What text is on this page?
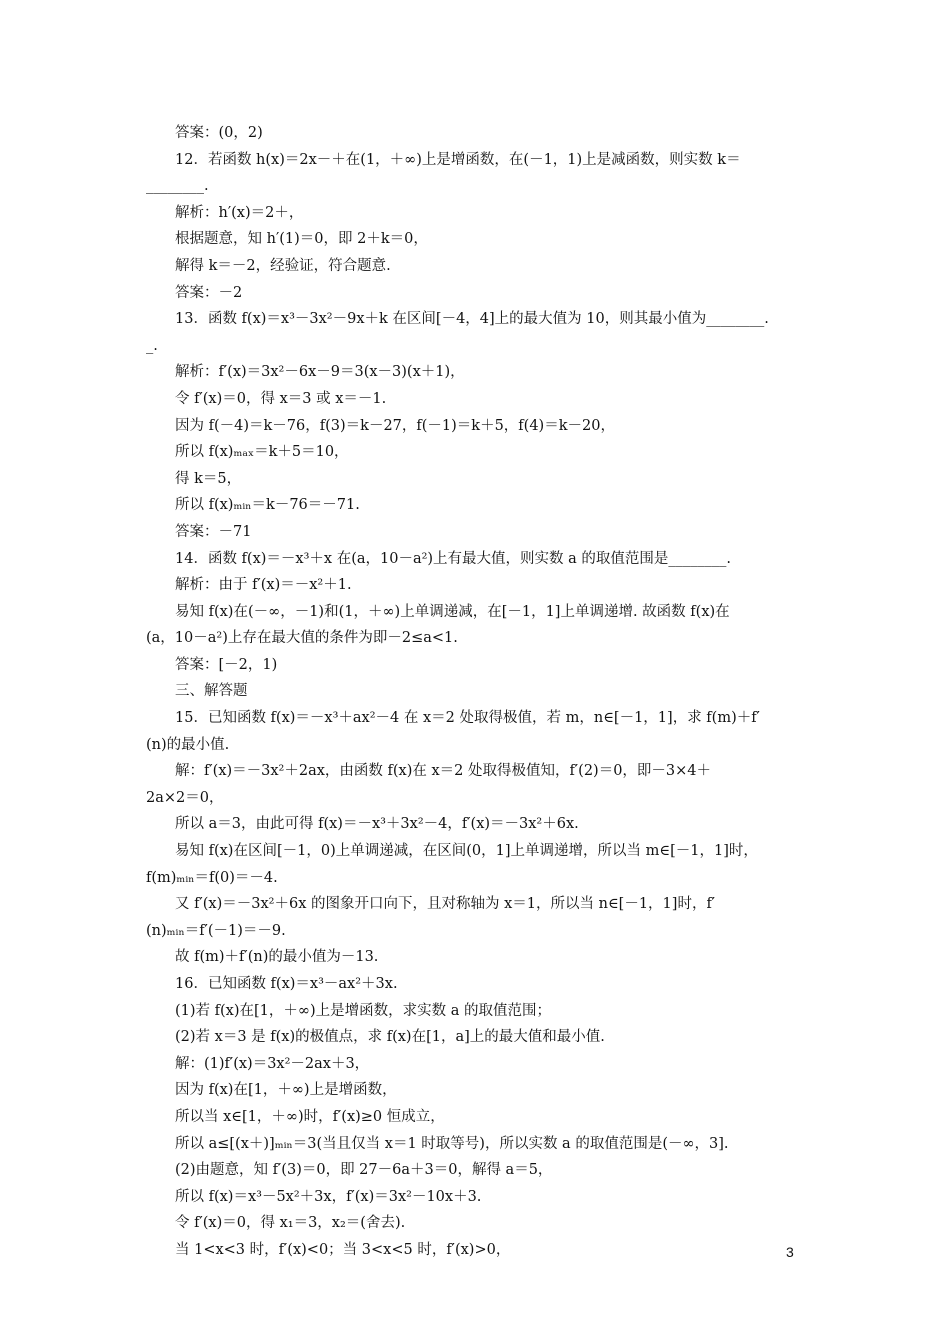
答案：(0，2)
12．若函数 h(x)＝2x－＋在(1，＋∞)上是增函数，在(－1，1)上是减函数，则实数 k＝
________.
解析：h′(x)＝2＋，
根据题意，知 h′(1)＝0，即 2＋k＝0，
解得 k＝－2，经验证，符合题意.
答案：－2
13．函数 f(x)＝x³－3x²－9x＋k 在区间[－4，4]上的最大值为 10，则其最小值为________.
_.
解析：f′(x)＝3x²－6x－9＝3(x－3)(x＋1)，
令 f′(x)＝0，得 x＝3 或 x＝－1.
因为 f(－4)＝k－76，f(3)＝k－27，f(－1)＝k＋5，f(4)＝k－20，
所以 f(x)ₘₐₓ＝k＋5＝10，
得 k＝5，
所以 f(x)ₘᵢₙ＝k－76＝－71.
答案：－71
14．函数 f(x)＝－x³＋x 在(a，10－a²)上有最大值，则实数 a 的取值范围是________.
解析：由于 f′(x)＝－x²＋1.
易知 f(x)在(－∞，－1)和(1，＋∞)上单调递减，在[－1，1]上单调递增. 故函数 f(x)在
(a，10－a²)上存在最大值的条件为即－2≤a<1.
答案：[－2，1)
三、解答题
15．已知函数 f(x)＝－x³＋ax²－4 在 x＝2 处取得极值，若 m，n∈[－1，1]，求 f(m)＋f′
(n)的最小值.
解：f′(x)＝－3x²＋2ax，由函数 f(x)在 x＝2 处取得极值知，f′(2)＝0，即－3×4＋
2a×2＝0，
所以 a＝3，由此可得 f(x)＝－x³＋3x²－4，f′(x)＝－3x²＋6x.
易知 f(x)在区间[－1，0)上单调递减，在区间(0，1]上单调递增，所以当 m∈[－1，1]时，
f(m)ₘᵢₙ＝f(0)＝－4.
又 f′(x)＝－3x²＋6x 的图象开口向下，且对称轴为 x＝1，所以当 n∈[－1，1]时，f′
(n)ₘᵢₙ＝f′(－1)＝－9.
故 f(m)＋f′(n)的最小值为－13.
16．已知函数 f(x)＝x³－ax²＋3x.
(1)若 f(x)在[1，＋∞)上是增函数，求实数 a 的取值范围；
(2)若 x＝3 是 f(x)的极值点，求 f(x)在[1，a]上的最大值和最小值.
解：(1)f′(x)＝3x²－2ax＋3，
因为 f(x)在[1，＋∞)上是增函数，
所以当 x∈[1，＋∞)时，f′(x)≥0 恒成立，
所以 a≤[(x＋)]ₘᵢₙ＝3(当且仅当 x＝1 时取等号)，所以实数 a 的取值范围是(－∞，3].
(2)由题意，知 f′(3)＝0，即 27－6a＋3＝0，解得 a＝5，
所以 f(x)＝x³－5x²＋3x，f′(x)＝3x²－10x＋3.
令 f′(x)＝0，得 x₁＝3，x₂＝(舍去).
当 1<x<3 时，f′(x)<0；当 3<x<5 时，f′(x)>0，	3
